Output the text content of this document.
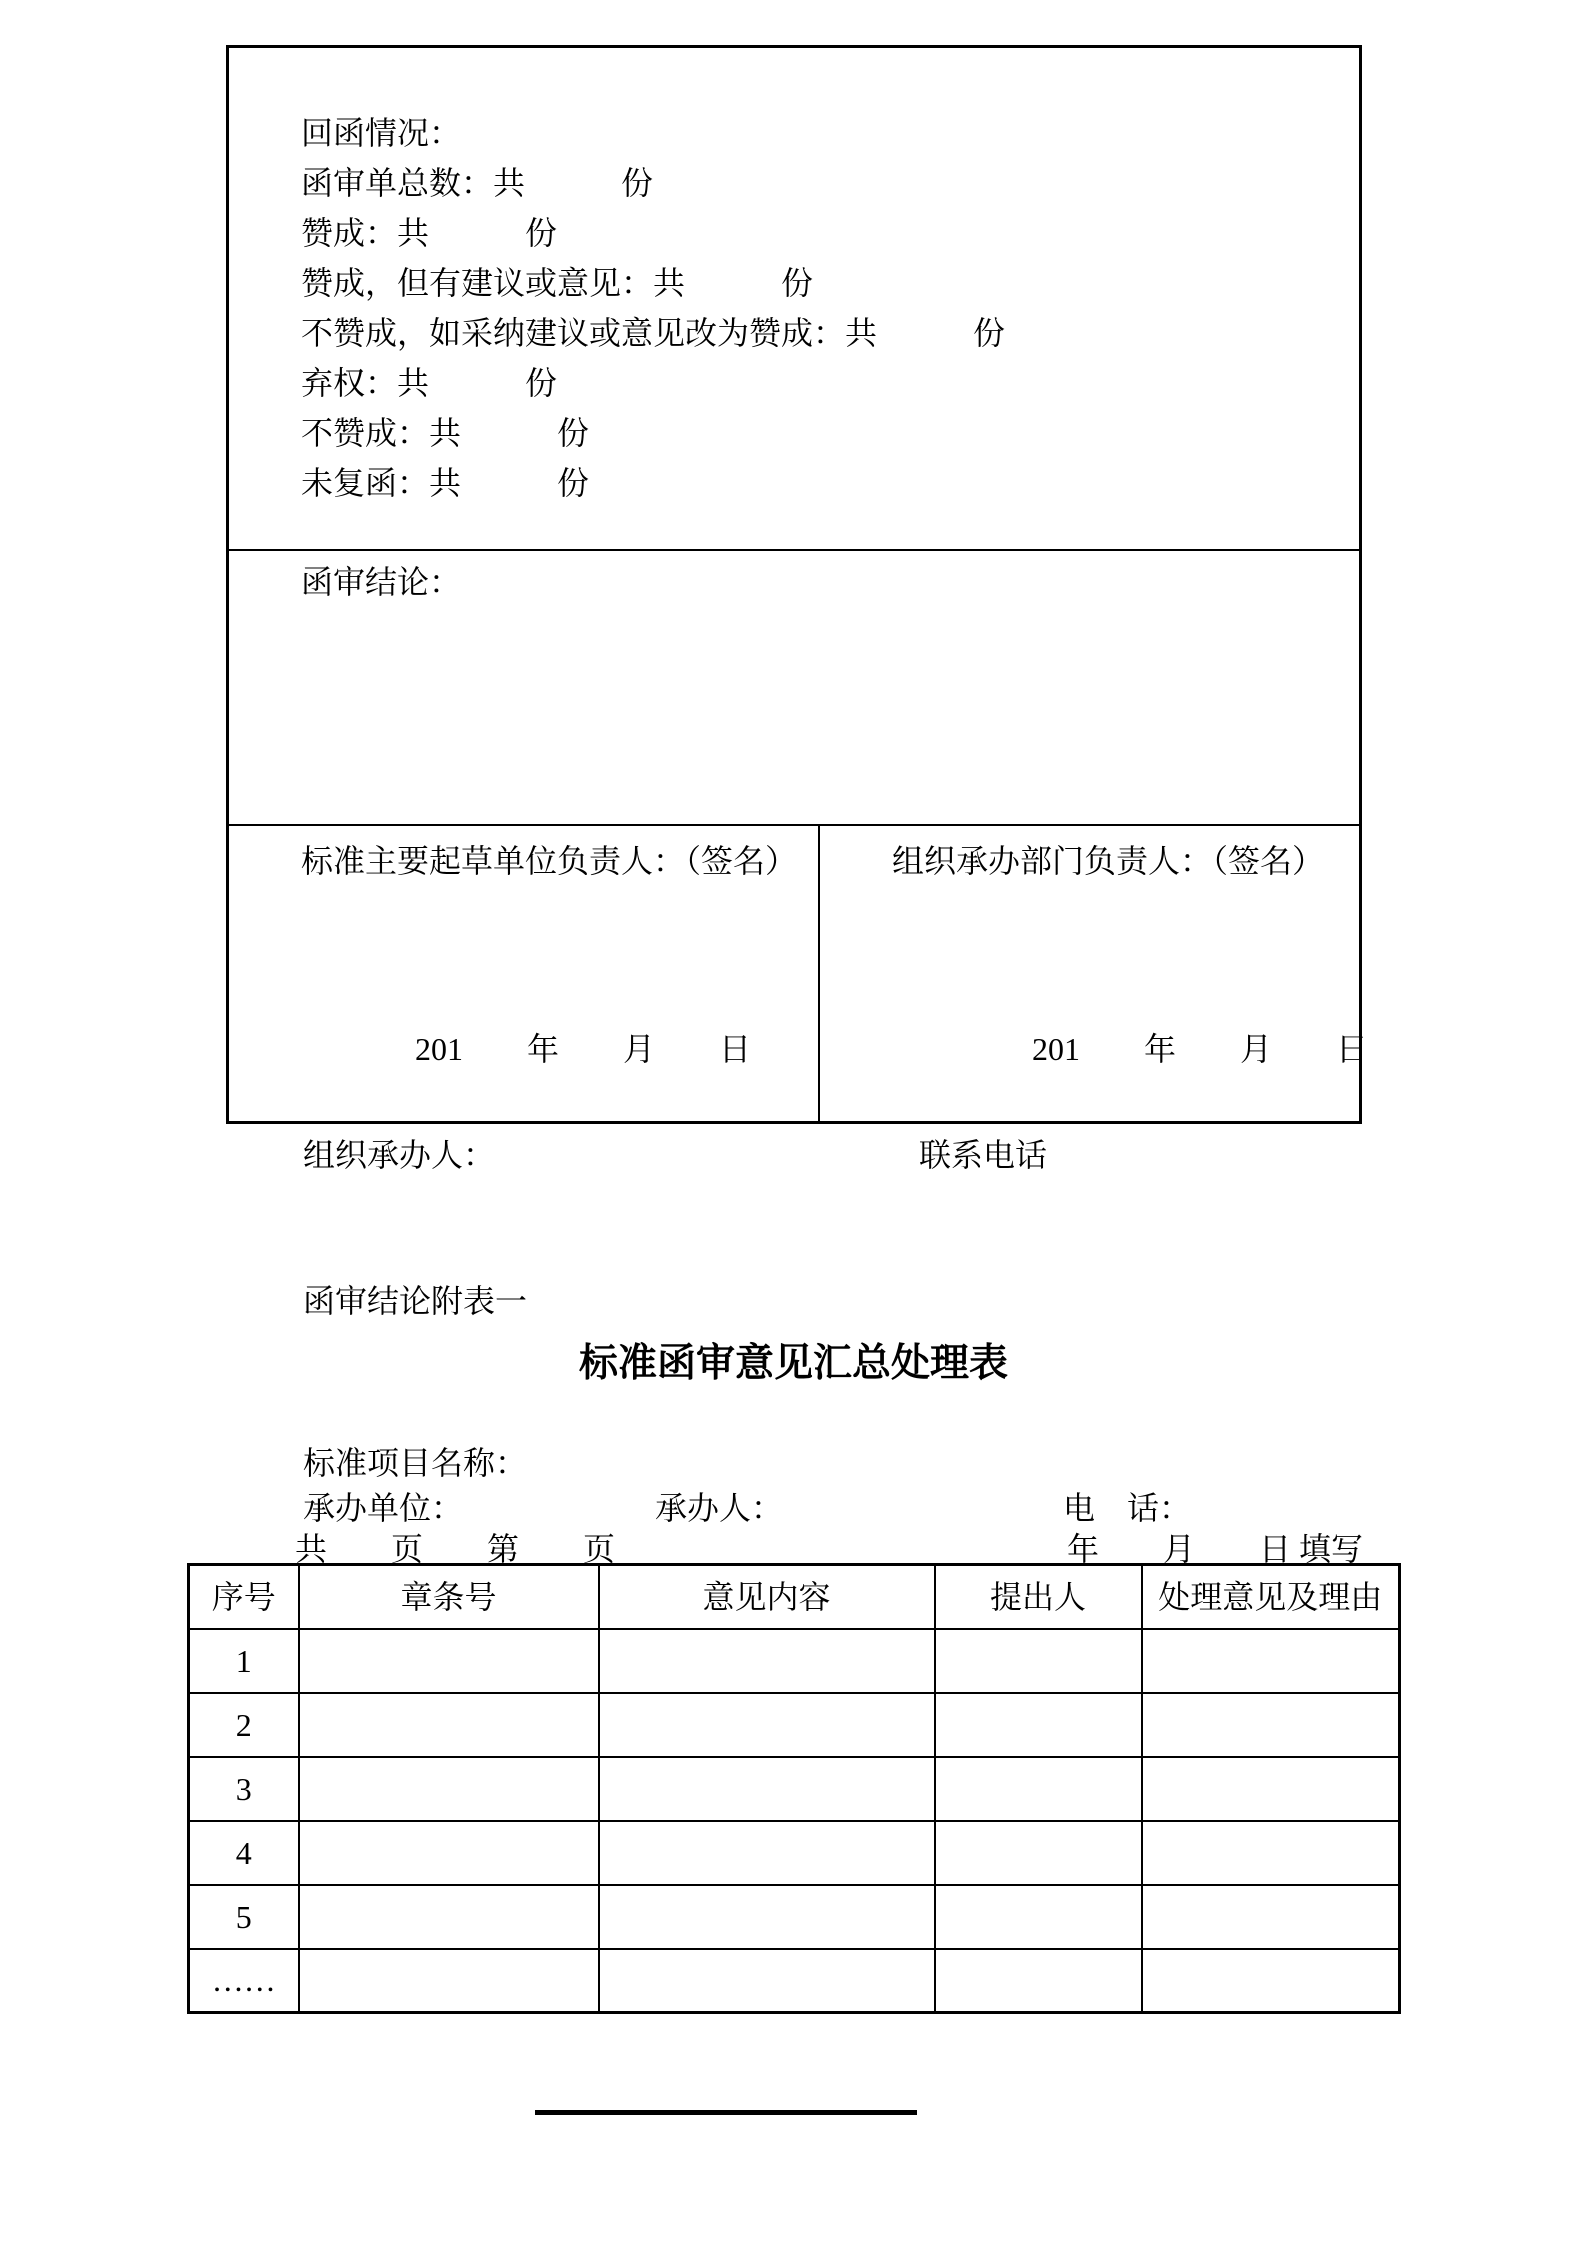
回函情况：
函审单总数：共　　　份
赞成：共　　　份
赞成，但有建议或意见：共　　　份
不赞成，如采纳建议或意见改为赞成：共　　　份
弃权：共　　　份
不赞成：共　　　份
未复函：共　　　份
函审结论：
标准主要起草单位负责人：（签名）
201　　年　　月　　日
组织承办部门负责人：（签名）
201　　年　　月　　日
组织承办人：	联系电话
函审结论附表一
标准函审意见汇总处理表
标准项目名称：
承办单位：	承办人：	电　话：
共　　页　　第　　页	年　　月　　日 填写
序号	章条号	意见内容	提出人	处理意见及理由
1				
2				
3				
4				
5				
……				
